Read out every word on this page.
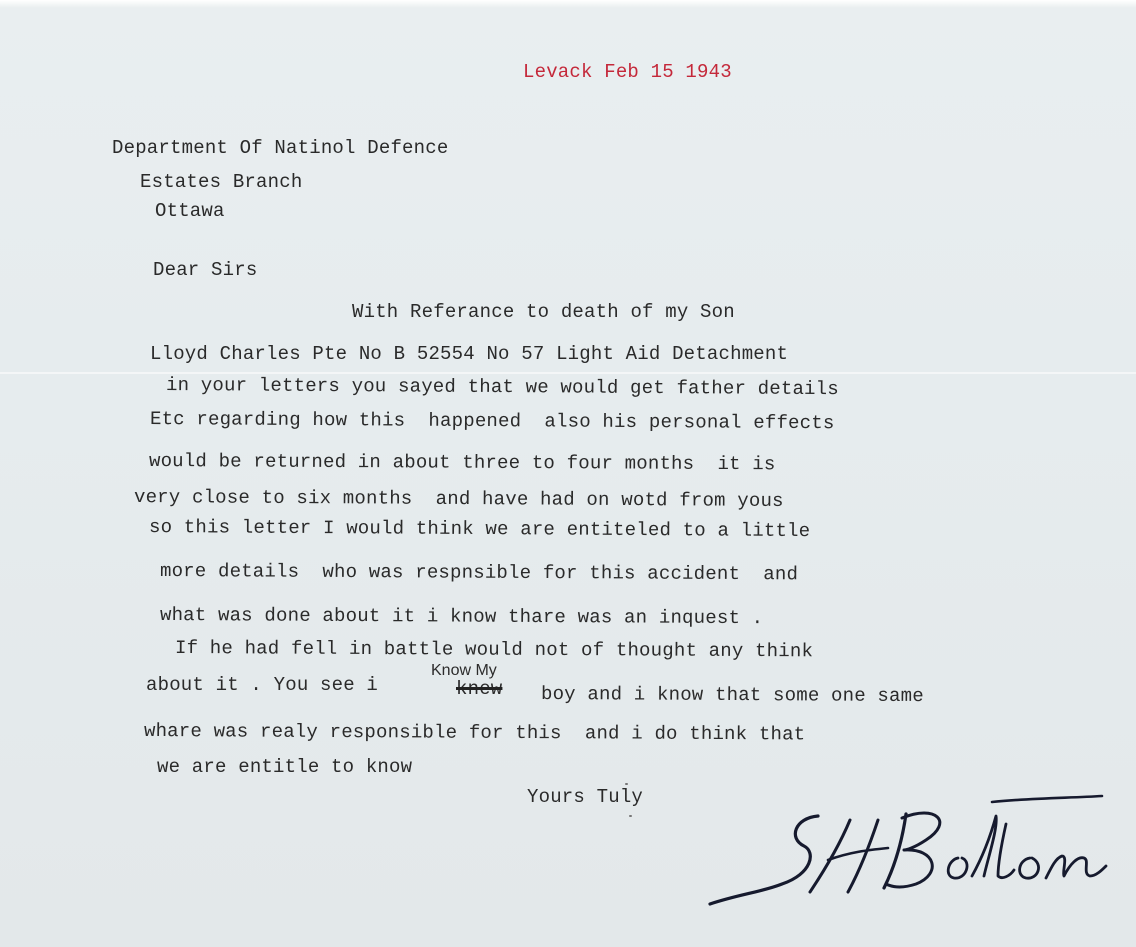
Levack Feb 15 1943
Department Of Natinol Defence
Estates Branch
Ottawa
Dear Sirs
With Referance to death of my Son
Lloyd Charles Pte No B 52554 No 57 Light Aid Detachment
in your letters you sayed that we would get father details
Etc regarding how this  happened  also his personal effects
would be returned in about three to four months  it is
very close to six months  and have had on wotd from yous
so this letter I would think we are entiteled to a little
more details  who was respnsible for this accident  and
what was done about it i know thare was an inquest .
If he had fell in battle would not of thought any think
about it . You see i	knew boy and i know that some one same
Know My
whare was realy responsible for this  and i do think that
we are entitle to know
Yours Tuly
